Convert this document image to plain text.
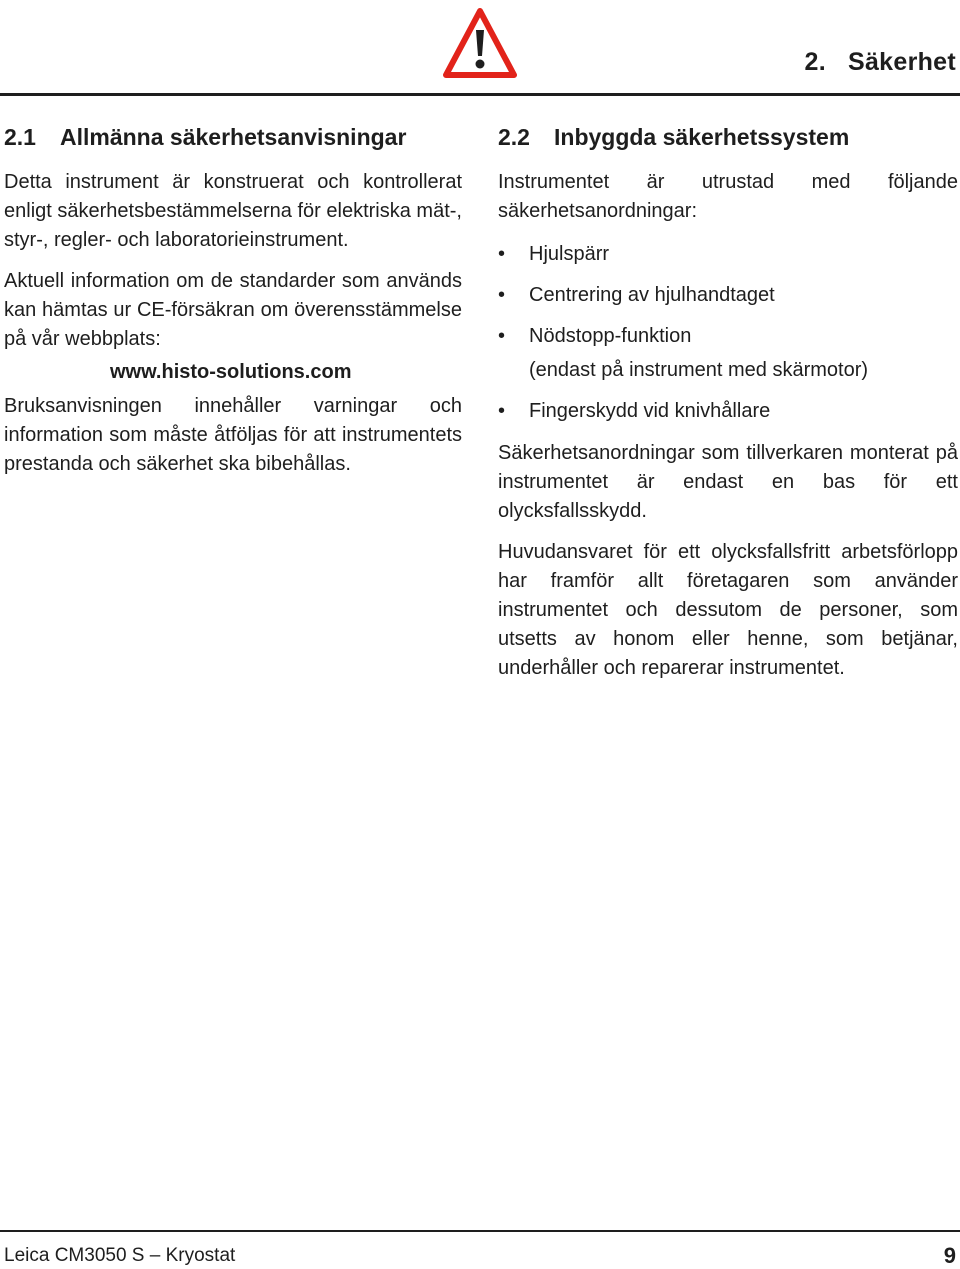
2. Säkerhet
2.1 Allmänna säkerhetsanvisningar

Detta instrument är konstruerat och kontrollerat enligt säkerhetsbestämmelserna för elektriska mät-, styr-, regler- och laboratorieinstrument.

Aktuell information om de standarder som används kan hämtas ur CE-försäkran om överensstämmelse på vår webbplats:

www.histo-solutions.com

Bruksanvisningen innehåller varningar och information som måste åtföljas för att instrumentets prestanda och säkerhet ska bibehållas.

2.2 Inbyggda säkerhetssystem

Instrumentet är utrustad med följande säkerhetsanordningar:

• Hjulspärr
• Centrering av hjulhandtaget
• Nödstopp-funktion
(endast på instrument med skärmotor)
• Fingerskydd vid knivhållare

Säkerhetsanordningar som tillverkaren monterat på instrumentet är endast en bas för ett olycksfallsskydd.

Huvudansvaret för ett olycksfallsfritt arbetsförlopp har framför allt företagaren som använder instrumentet och dessutom de personer, som utsetts av honom eller henne, som betjänar, underhåller och reparerar instrumentet.

Leica CM3050 S – Kryostat	9
